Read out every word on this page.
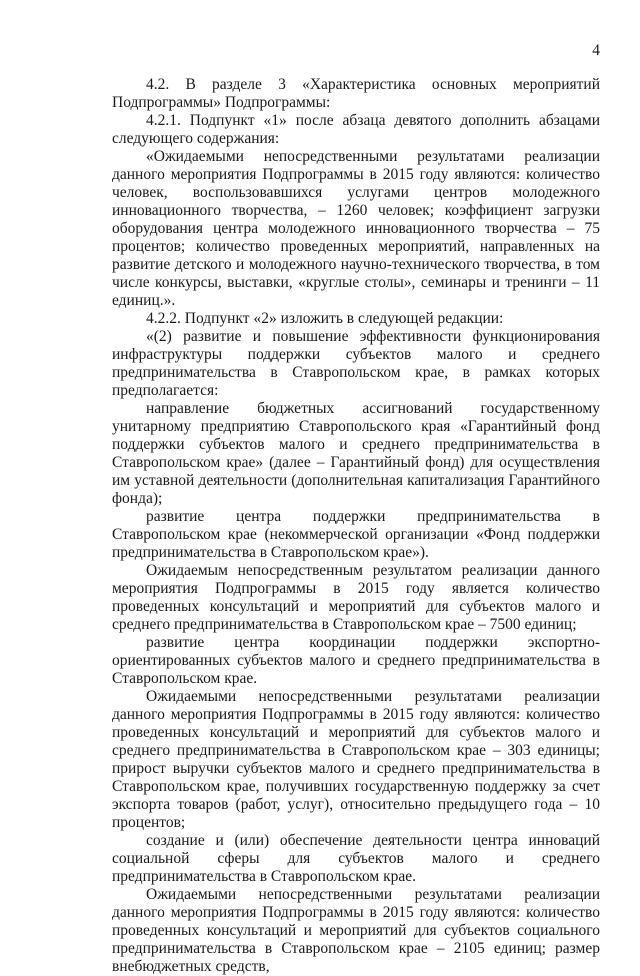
4

4.2. В разделе 3 «Характеристика основных мероприятий Подпрограммы» Подпрограммы:

4.2.1. Подпункт «1» после абзаца девятого дополнить абзацами следующего содержания:

«Ожидаемыми непосредственными результатами реализации данного мероприятия Подпрограммы в 2015 году являются: количество человек, воспользовавшихся услугами центров молодежного инновационного творчества, – 1260 человек; коэффициент загрузки оборудования центра молодежного инновационного творчества – 75 процентов; количество проведенных мероприятий, направленных на развитие детского и молодежного научно-технического творчества, в том числе конкурсы, выставки, «круглые столы», семинары и тренинги – 11 единиц.».

4.2.2. Подпункт «2» изложить в следующей редакции:

«(2) развитие и повышение эффективности функционирования инфраструктуры поддержки субъектов малого и среднего предпринимательства в Ставропольском крае, в рамках которых предполагается:

направление бюджетных ассигнований государственному унитарному предприятию Ставропольского края «Гарантийный фонд поддержки субъектов малого и среднего предпринимательства в Ставропольском крае» (далее – Гарантийный фонд) для осуществления им уставной деятельности (дополнительная капитализация Гарантийного фонда);

развитие центра поддержки предпринимательства в Ставропольском крае (некоммерческой организации «Фонд поддержки предпринимательства в Ставропольском крае»).

Ожидаемым непосредственным результатом реализации данного мероприятия Подпрограммы в 2015 году является количество проведенных консультаций и мероприятий для субъектов малого и среднего предпринимательства в Ставропольском крае – 7500 единиц;

развитие центра координации поддержки экспортно-ориентированных субъектов малого и среднего предпринимательства в Ставропольском крае.

Ожидаемыми непосредственными результатами реализации данного мероприятия Подпрограммы в 2015 году являются: количество проведенных консультаций и мероприятий для субъектов малого и среднего предпринимательства в Ставропольском крае – 303 единицы; прирост выручки субъектов малого и среднего предпринимательства в Ставропольском крае, получивших государственную поддержку за счет экспорта товаров (работ, услуг), относительно предыдущего года – 10 процентов;

создание и (или) обеспечение деятельности центра инноваций социальной сферы для субъектов малого и среднего предпринимательства в Ставропольском крае.

Ожидаемыми непосредственными результатами реализации данного мероприятия Подпрограммы в 2015 году являются: количество проведенных консультаций и мероприятий для субъектов социального предпринимательства в Ставропольском крае – 2105 единиц; размер внебюджетных средств,
